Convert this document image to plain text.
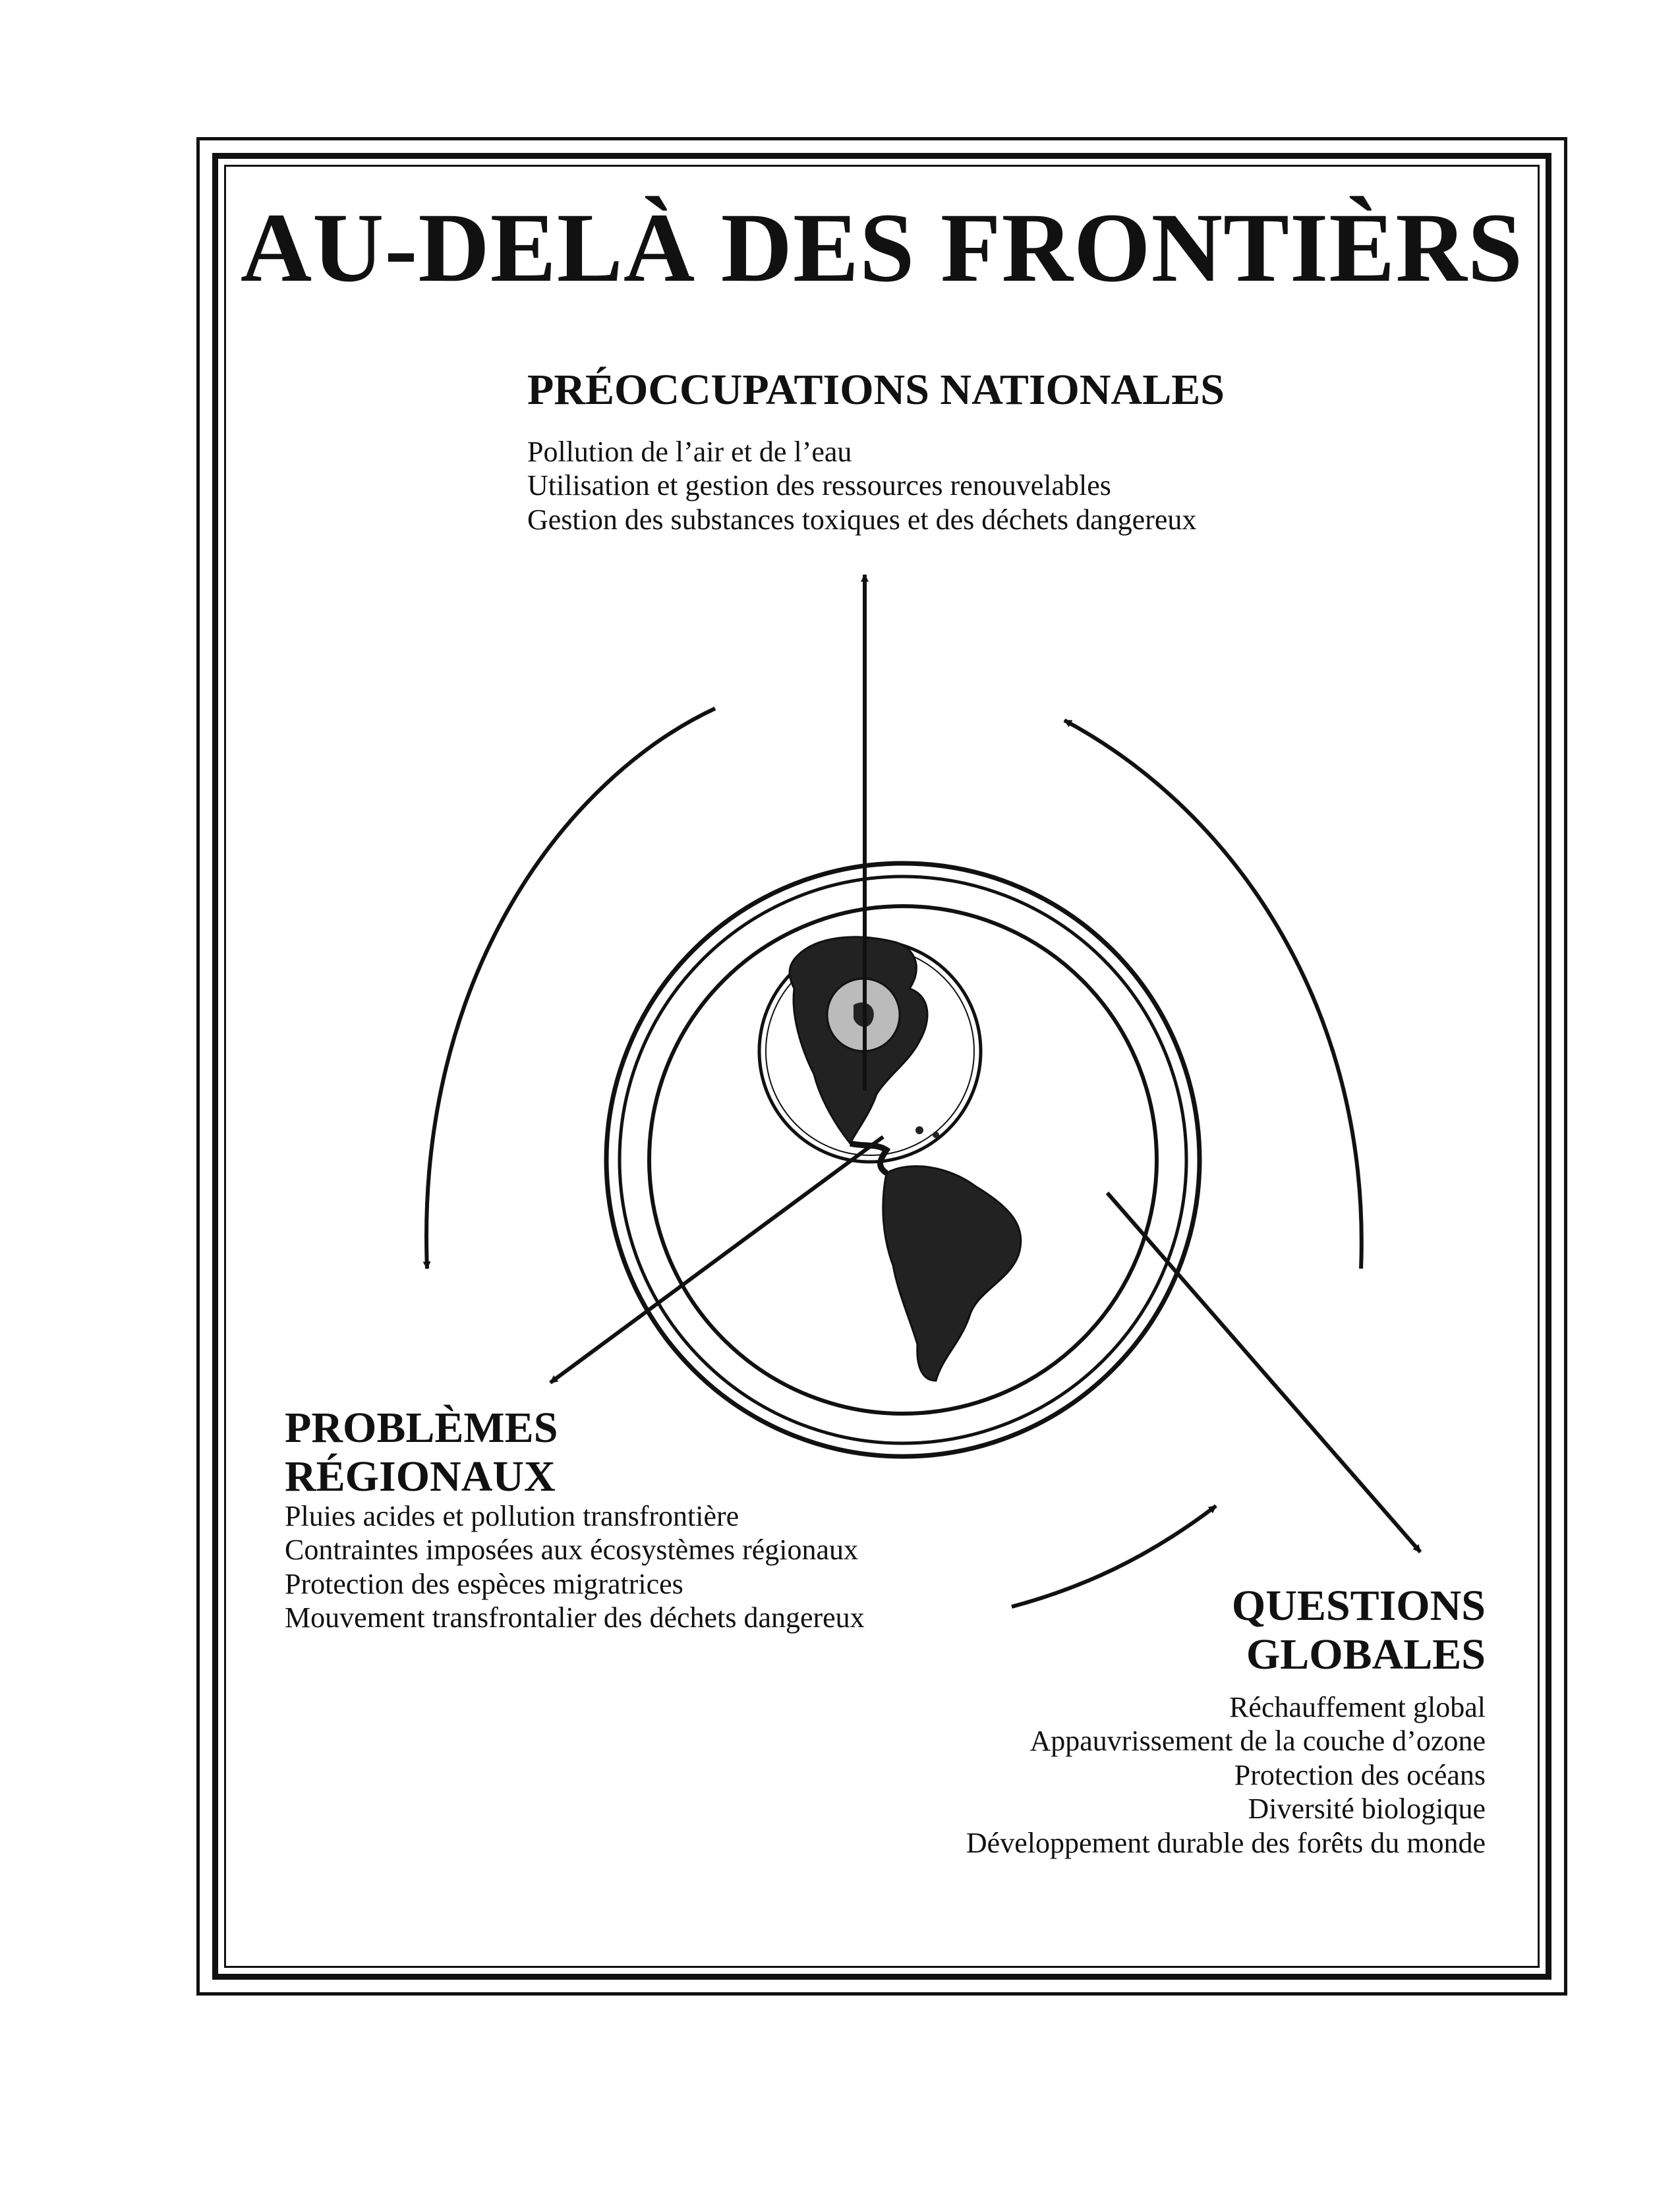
AU-DELÀ DES FRONTIÈRS
PRÉOCCUPATIONS NATIONALES
Pollution de l’air et de l’eau
Utilisation et gestion des ressources renouvelables
Gestion des substances toxiques et des déchets dangereux
PROBLÈMES
RÉGIONAUX
Pluies acides et pollution transfrontière
Contraintes imposées aux écosystèmes régionaux
Protection des espèces migratrices
Mouvement transfrontalier des déchets dangereux	QUESTIONS
GLOBALES
Réchauffement global
Appauvrissement de la couche d’ozone
Protection des océans
Diversité biologique
Développement durable des forêts du monde
